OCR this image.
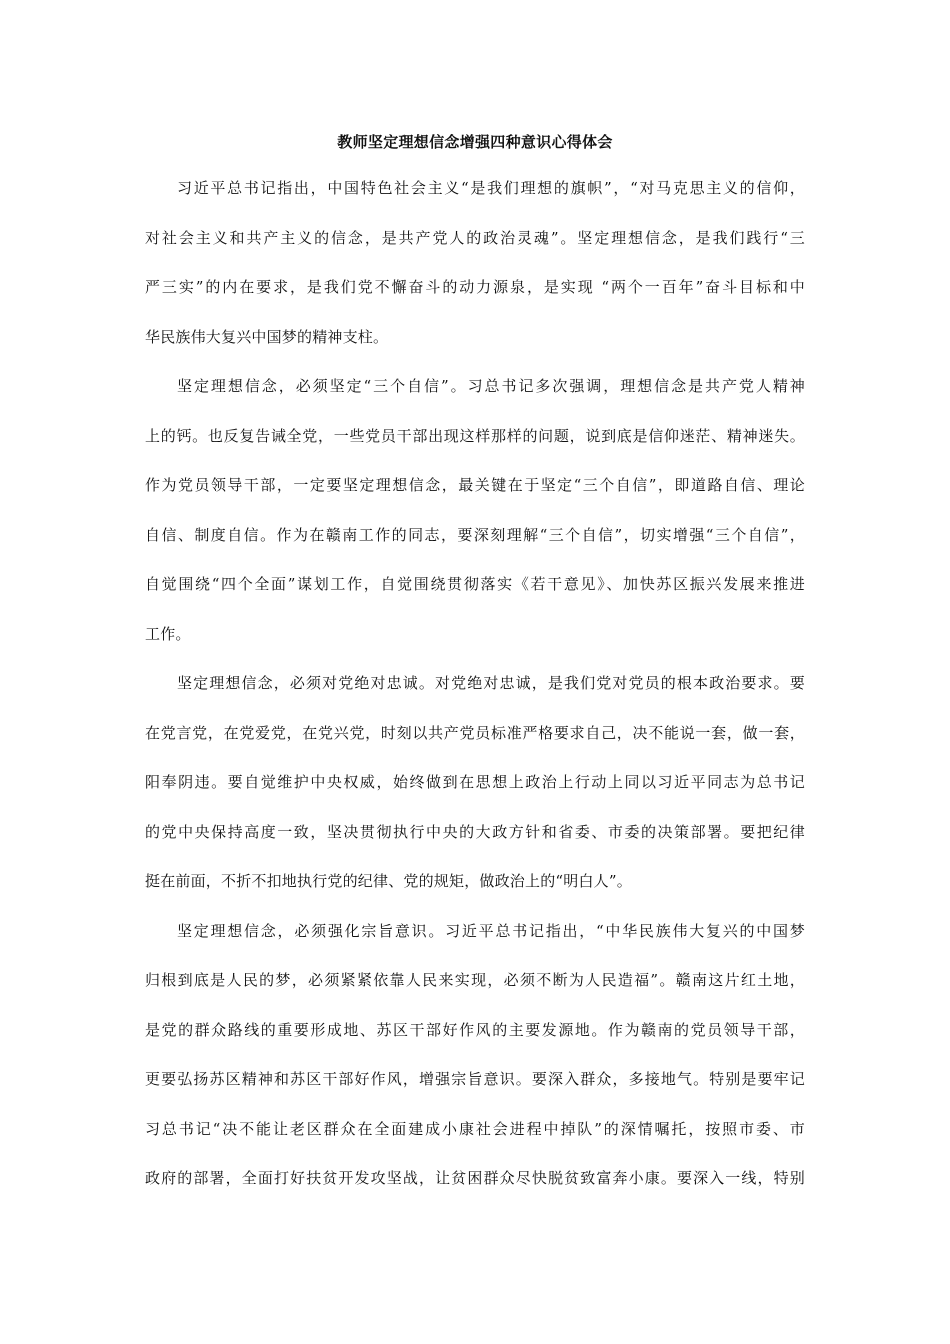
教师坚定理想信念增强四种意识心得体会
习近平总书记指出，中国特色社会主义“是我们理想的旗帜”，“对马克思主义的信仰，
对社会主义和共产主义的信念，是共产党人的政治灵魂”。坚定理想信念，是我们践行“三
严三实”的内在要求，是我们党不懈奋斗的动力源泉，是实现 “两个一百年”奋斗目标和中
华民族伟大复兴中国梦的精神支柱。
坚定理想信念，必须坚定“三个自信”。习总书记多次强调，理想信念是共产党人精神
上的钙。也反复告诫全党，一些党员干部出现这样那样的问题，说到底是信仰迷茫、精神迷失。
作为党员领导干部，一定要坚定理想信念，最关键在于坚定“三个自信”，即道路自信、理论
自信、制度自信。作为在赣南工作的同志，要深刻理解“三个自信”，切实增强“三个自信”，
自觉围绕“四个全面”谋划工作，自觉围绕贯彻落实《若干意见》、加快苏区振兴发展来推进
工作。
坚定理想信念，必须对党绝对忠诚。对党绝对忠诚，是我们党对党员的根本政治要求。要
在党言党，在党爱党，在党兴党，时刻以共产党员标准严格要求自己，决不能说一套，做一套，
阳奉阴违。要自觉维护中央权威，始终做到在思想上政治上行动上同以习近平同志为总书记
的党中央保持高度一致，坚决贯彻执行中央的大政方针和省委、市委的决策部署。要把纪律
挺在前面，不折不扣地执行党的纪律、党的规矩，做政治上的“明白人”。
坚定理想信念，必须强化宗旨意识。习近平总书记指出，“中华民族伟大复兴的中国梦
归根到底是人民的梦，必须紧紧依靠人民来实现，必须不断为人民造福”。赣南这片红土地，
是党的群众路线的重要形成地、苏区干部好作风的主要发源地。作为赣南的党员领导干部，
更要弘扬苏区精神和苏区干部好作风，增强宗旨意识。要深入群众，多接地气。特别是要牢记
习总书记“决不能让老区群众在全面建成小康社会进程中掉队”的深情嘱托，按照市委、市
政府的部署，全面打好扶贫开发攻坚战，让贫困群众尽快脱贫致富奔小康。要深入一线，特别
